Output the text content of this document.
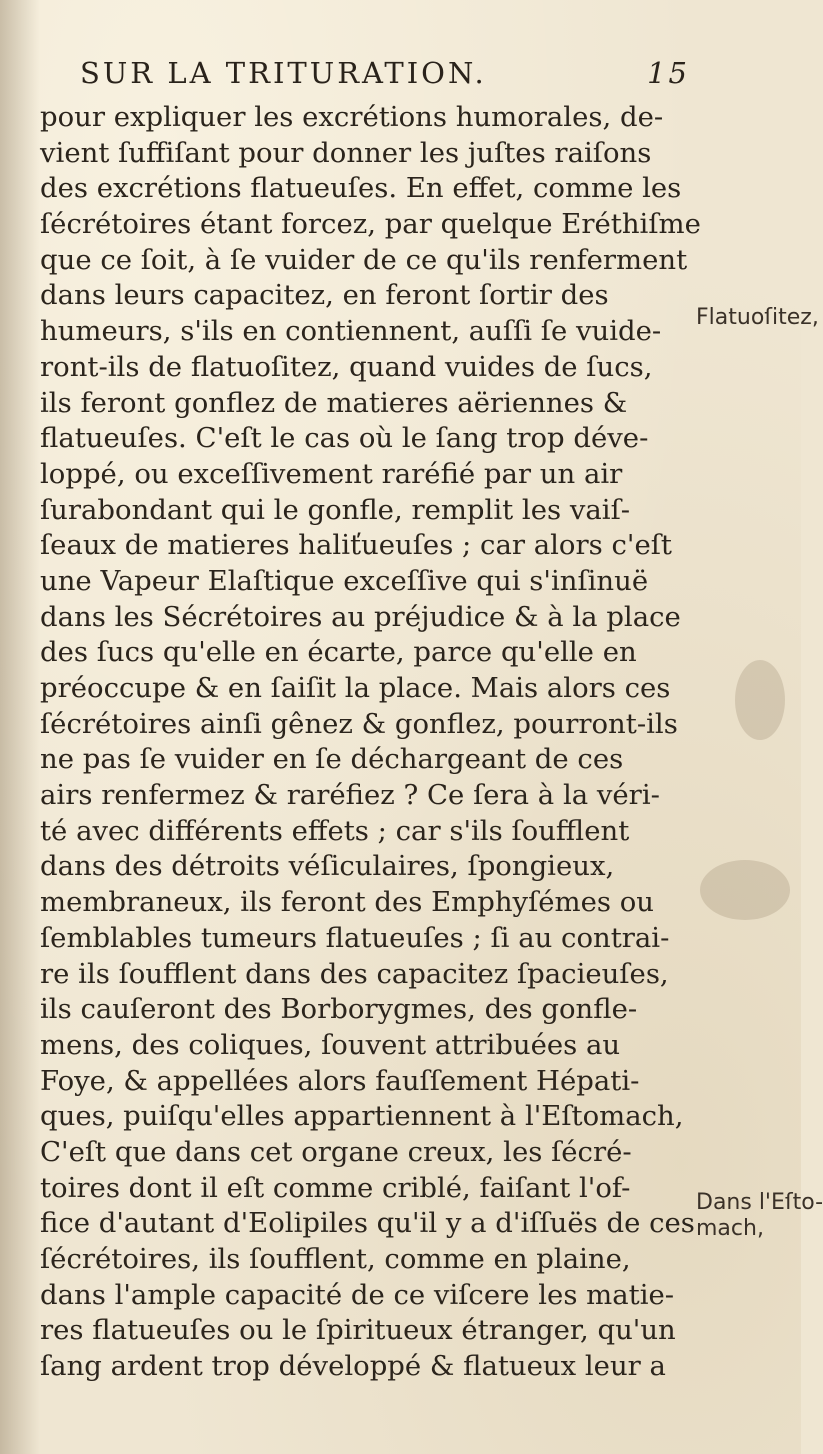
SUR LA TRITURATION.	15
pour expliquer les excrétions humorales, de-
vient ſuffiſant pour donner les juſtes raiſons
des excrétions flatueuſes. En effet, comme les
ſécrétoires étant forcez, par quelque Eréthiſme
que ce ſoit, à ſe vuider de ce qu'ils renferment
dans leurs capacitez, en feront ſortir des
humeurs, s'ils en contiennent, auſſi ſe vuide-
ront-ils de flatuoſitez, quand vuides de ſucs,
ils feront gonflez de matieres aëriennes &
flatueuſes. C'eſt le cas où le ſang trop déve-
loppé, ou exceſſivement raréfié par un air
ſurabondant qui le gonfle, remplit les vaiſ-
ſeaux de matieres haliťueuſes ; car alors c'eſt
une Vapeur Elaſtique exceſſive qui s'inſinuë
dans les Sécrétoires au préjudice & à la place
des ſucs qu'elle en écarte, parce qu'elle en
préoccupe & en ſaiſit la place. Mais alors ces
ſécrétoires ainſi gênez & gonflez, pourront-ils
ne pas ſe vuider en ſe déchargeant de ces
airs renfermez & raréfiez ? Ce ſera à la véri-
té avec différents effets ; car s'ils ſoufflent
dans des détroits véſiculaires, ſpongieux,
membraneux, ils feront des Emphyſémes ou
ſemblables tumeurs flatueuſes ; ſi au contrai-
re ils ſoufflent dans des capacitez ſpacieuſes,
ils cauſeront des Borborygmes, des gonfle-
mens, des coliques, ſouvent attribuées au
Foye, & appellées alors fauſſement Hépati-
ques, puiſqu'elles appartiennent à l'Eſtomach,
C'eſt que dans cet organe creux, les ſécré-
toires dont il eſt comme criblé, faiſant l'of-
fice d'autant d'Eolipiles qu'il y a d'iſſuës de ces
ſécrétoires, ils ſoufflent, comme en plaine,
dans l'ample capacité de ce viſcere les matie-
res flatueuſes ou le ſpiritueux étranger, qu'un
ſang ardent trop développé & flatueux leur a
Flatuoſitez,
Dans l'Eſto-
mach,
